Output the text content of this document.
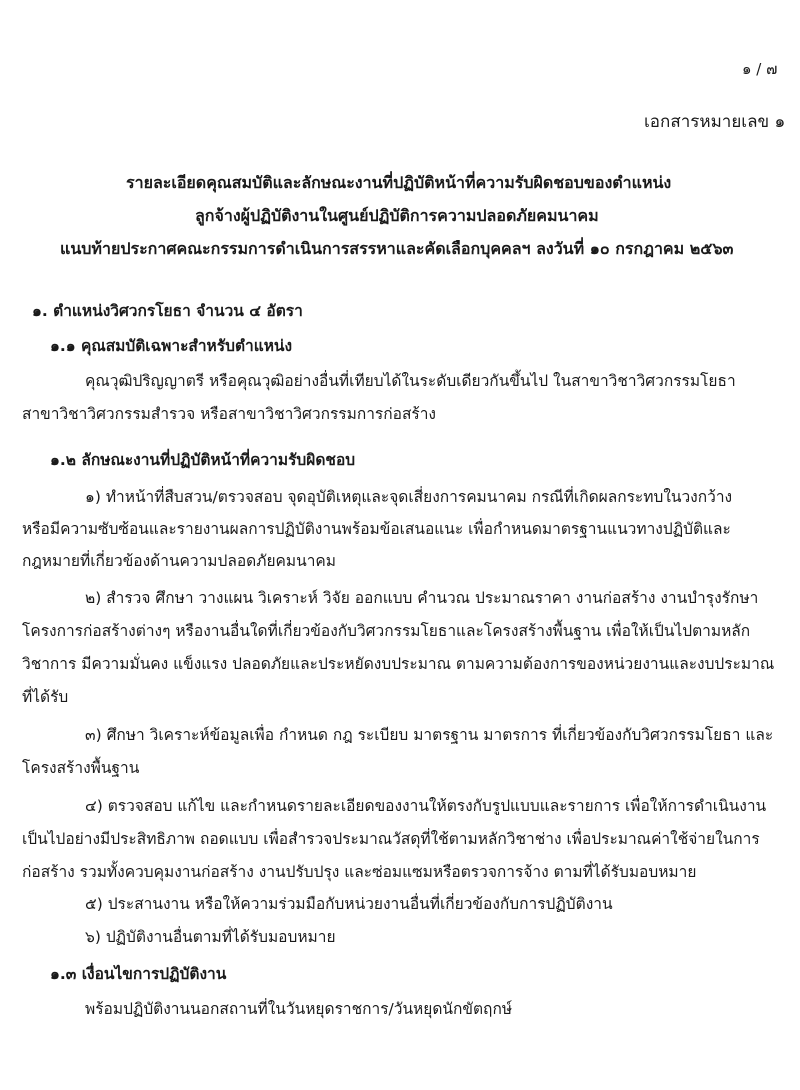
๑ / ๗
เอกสารหมายเลข ๑
รายละเอียดคุณสมบัติและลักษณะงานที่ปฏิบัติหน้าที่ความรับผิดชอบของตำแหน่ง
ลูกจ้างผู้ปฏิบัติงานในศูนย์ปฏิบัติการความปลอดภัยคมนาคม
แนบท้ายประกาศคณะกรรมการดำเนินการสรรหาและคัดเลือกบุคคลฯ ลงวันที่ ๑๐ กรกฎาคม ๒๕๖๓
๑. ตำแหน่งวิศวกรโยธา จำนวน ๔ อัตรา
๑.๑ คุณสมบัติเฉพาะสำหรับตำแหน่ง
คุณวุฒิปริญญาตรี หรือคุณวุฒิอย่างอื่นที่เทียบได้ในระดับเดียวกันขึ้นไป ในสาขาวิชาวิศวกรรมโยธา
สาขาวิชาวิศวกรรมสำรวจ หรือสาขาวิชาวิศวกรรมการก่อสร้าง
๑.๒ ลักษณะงานที่ปฏิบัติหน้าที่ความรับผิดชอบ
๑) ทำหน้าที่สืบสวน/ตรวจสอบ จุดอุบัติเหตุและจุดเสี่ยงการคมนาคม กรณีที่เกิดผลกระทบในวงกว้าง
หรือมีความซับซ้อนและรายงานผลการปฏิบัติงานพร้อมข้อเสนอแนะ เพื่อกำหนดมาตรฐานแนวทางปฏิบัติและ
กฎหมายที่เกี่ยวข้องด้านความปลอดภัยคมนาคม
๒) สำรวจ ศึกษา วางแผน วิเคราะห์ วิจัย ออกแบบ คำนวณ ประมาณราคา งานก่อสร้าง งานบำรุงรักษา
โครงการก่อสร้างต่างๆ หรืองานอื่นใดที่เกี่ยวข้องกับวิศวกรรมโยธาและโครงสร้างพื้นฐาน เพื่อให้เป็นไปตามหลัก
วิชาการ มีความมั่นคง แข็งแรง ปลอดภัยและประหยัดงบประมาณ ตามความต้องการของหน่วยงานและงบประมาณ
ที่ได้รับ
๓) ศึกษา วิเคราะห์ข้อมูลเพื่อ กำหนด กฎ ระเบียบ มาตรฐาน มาตรการ ที่เกี่ยวข้องกับวิศวกรรมโยธา และ
โครงสร้างพื้นฐาน
๔) ตรวจสอบ แก้ไข และกำหนดรายละเอียดของงานให้ตรงกับรูปแบบและรายการ เพื่อให้การดำเนินงาน
เป็นไปอย่างมีประสิทธิภาพ ถอดแบบ เพื่อสำรวจประมาณวัสดุที่ใช้ตามหลักวิชาช่าง เพื่อประมาณค่าใช้จ่ายในการ
ก่อสร้าง รวมทั้งควบคุมงานก่อสร้าง งานปรับปรุง และซ่อมแซมหรือตรวจการจ้าง ตามที่ได้รับมอบหมาย
๕) ประสานงาน หรือให้ความร่วมมือกับหน่วยงานอื่นที่เกี่ยวข้องกับการปฏิบัติงาน
๖) ปฏิบัติงานอื่นตามที่ได้รับมอบหมาย
๑.๓ เงื่อนไขการปฏิบัติงาน
พร้อมปฏิบัติงานนอกสถานที่ในวันหยุดราชการ/วันหยุดนักขัตฤกษ์
